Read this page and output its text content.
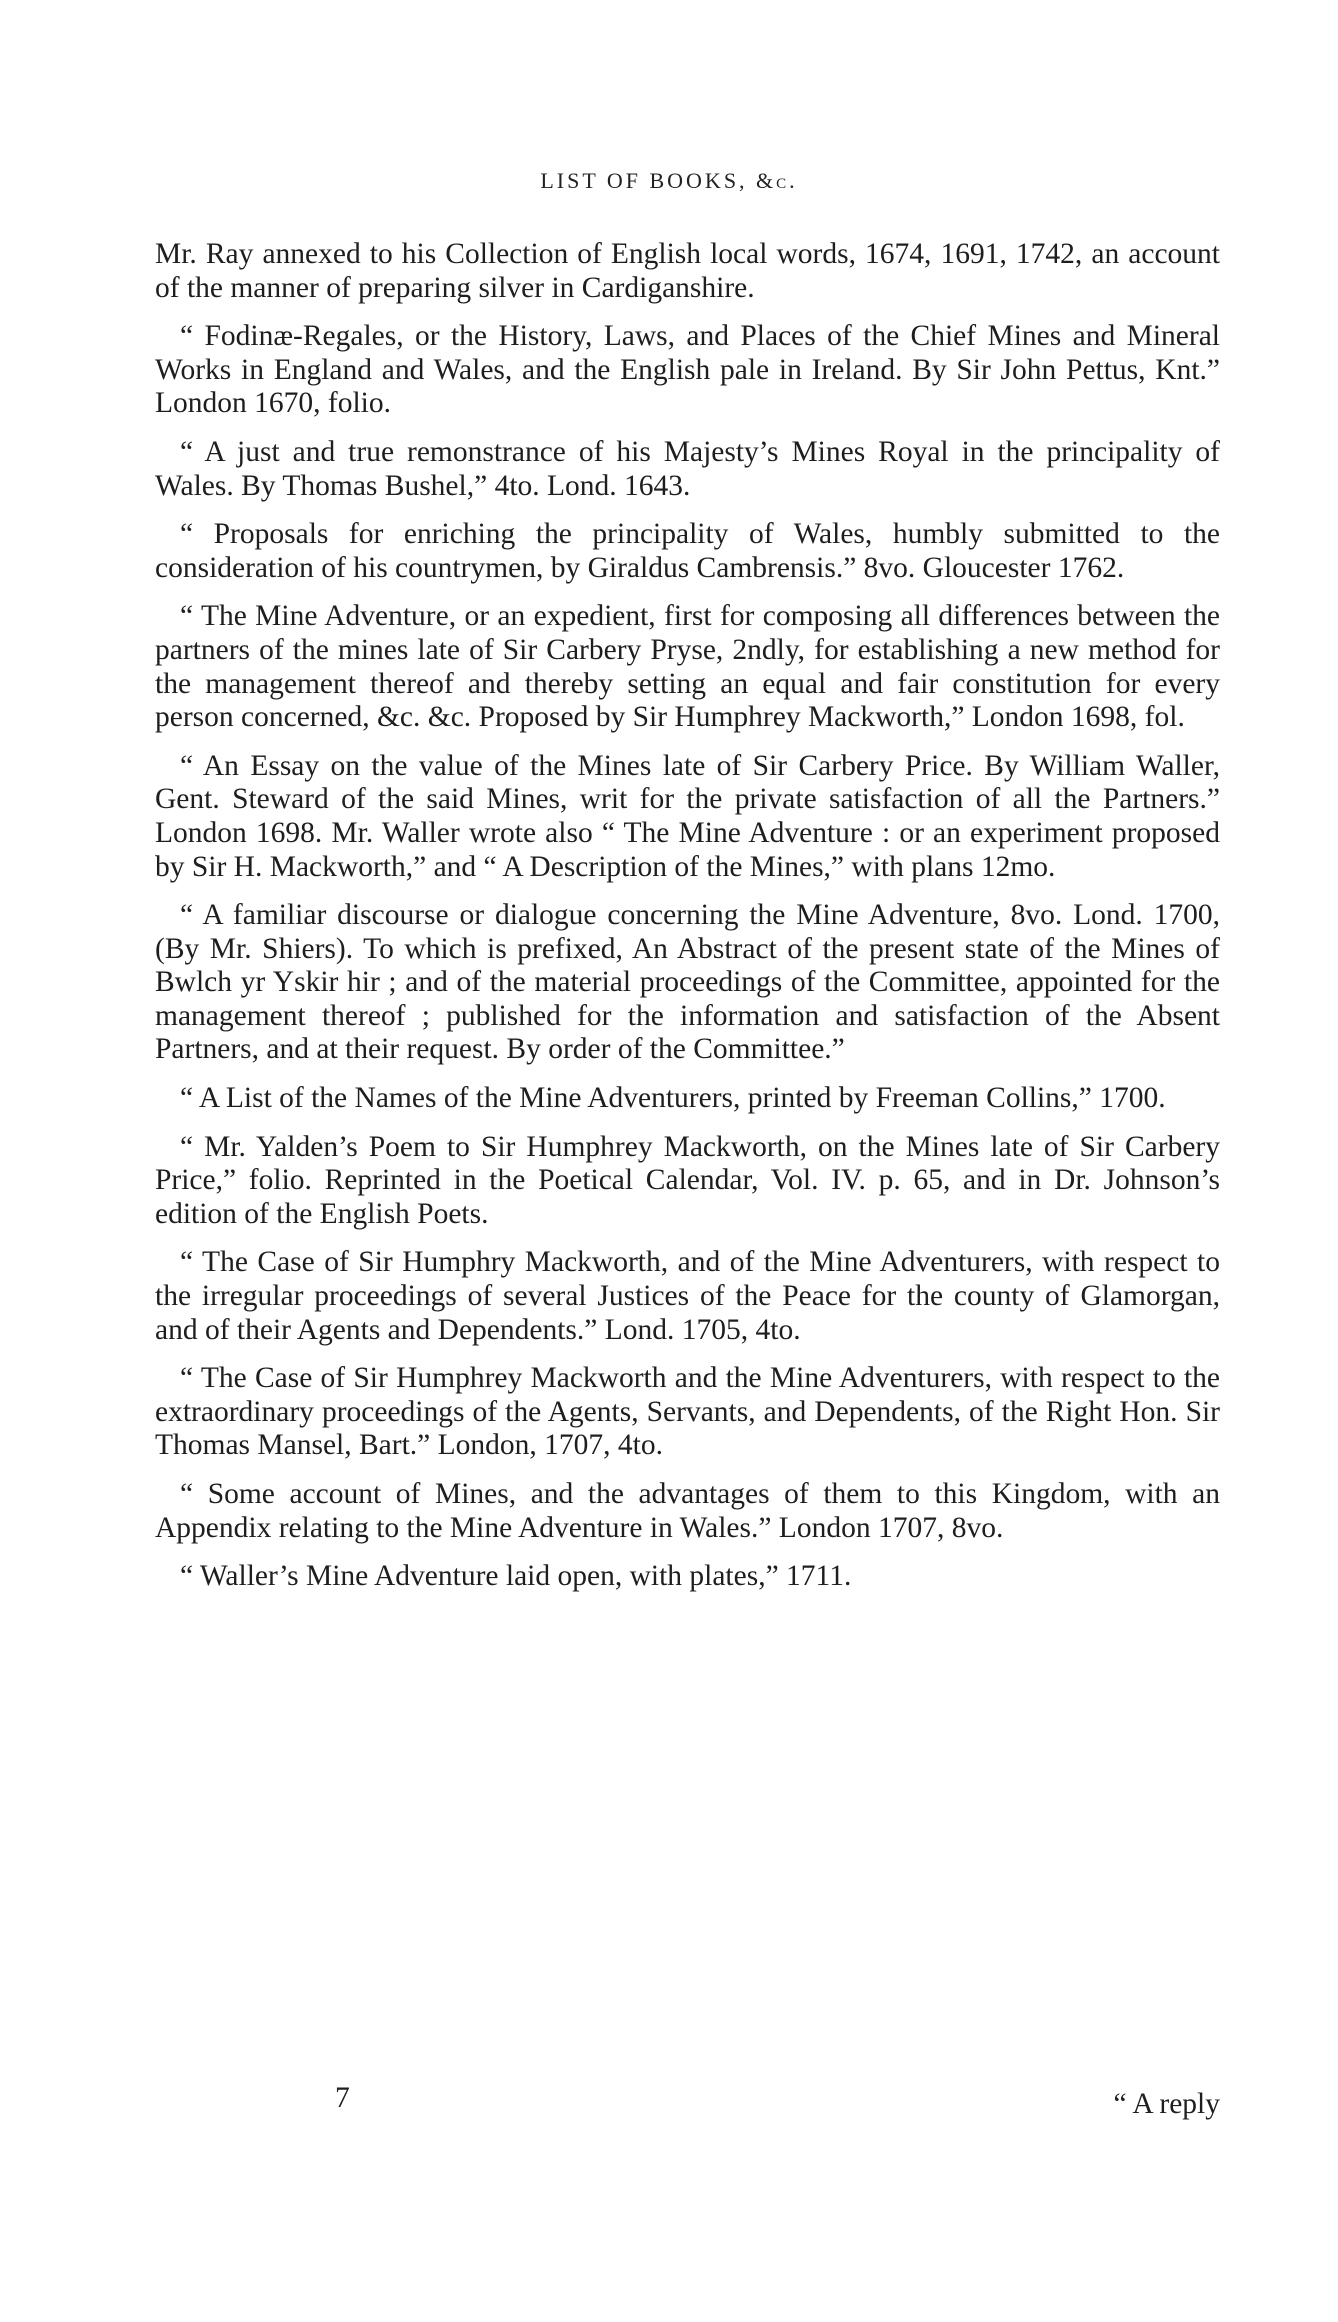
LIST OF BOOKS, &c.

Mr. Ray annexed to his Collection of English local words, 1674, 1691, 1742, an account of the manner of preparing silver in Cardiganshire.

“ Fodinæ-Regales, or the History, Laws, and Places of the Chief Mines and Mineral Works in England and Wales, and the English pale in Ireland. By Sir John Pettus, Knt.” London 1670, folio.

“ A just and true remonstrance of his Majesty’s Mines Royal in the principality of Wales. By Thomas Bushel,” 4to. Lond. 1643.

“ Proposals for enriching the principality of Wales, humbly submitted to the consideration of his countrymen, by Giraldus Cambrensis.” 8vo. Gloucester 1762.

“ The Mine Adventure, or an expedient, first for composing all differences between the partners of the mines late of Sir Carbery Pryse, 2ndly, for establishing a new method for the management thereof and thereby setting an equal and fair constitution for every person concerned, &c. &c. Proposed by Sir Humphrey Mackworth,” London 1698, fol.

“ An Essay on the value of the Mines late of Sir Carbery Price. By William Waller, Gent. Steward of the said Mines, writ for the private satisfaction of all the Partners.” London 1698. Mr. Waller wrote also “ The Mine Adventure : or an experiment proposed by Sir H. Mackworth,” and “ A Description of the Mines,” with plans 12mo.

“ A familiar discourse or dialogue concerning the Mine Adventure, 8vo. Lond. 1700, (By Mr. Shiers). To which is prefixed, An Abstract of the present state of the Mines of Bwlch yr Yskir hir ; and of the material proceedings of the Committee, appointed for the management thereof ; published for the information and satisfaction of the Absent Partners, and at their request. By order of the Committee.”

“ A List of the Names of the Mine Adventurers, printed by Freeman Collins,” 1700.

“ Mr. Yalden’s Poem to Sir Humphrey Mackworth, on the Mines late of Sir Carbery Price,” folio. Reprinted in the Poetical Calendar, Vol. IV. p. 65, and in Dr. Johnson’s edition of the English Poets.

“ The Case of Sir Humphry Mackworth, and of the Mine Adventurers, with respect to the irregular proceedings of several Justices of the Peace for the county of Glamorgan, and of their Agents and Dependents.” Lond. 1705, 4to.

“ The Case of Sir Humphrey Mackworth and the Mine Adventurers, with respect to the extraordinary proceedings of the Agents, Servants, and Dependents, of the Right Hon. Sir Thomas Mansel, Bart.” London, 1707, 4to.

“ Some account of Mines, and the advantages of them to this Kingdom, with an Appendix relating to the Mine Adventure in Wales.” London 1707, 8vo.

“ Waller’s Mine Adventure laid open, with plates,” 1711.

7	“ A reply
